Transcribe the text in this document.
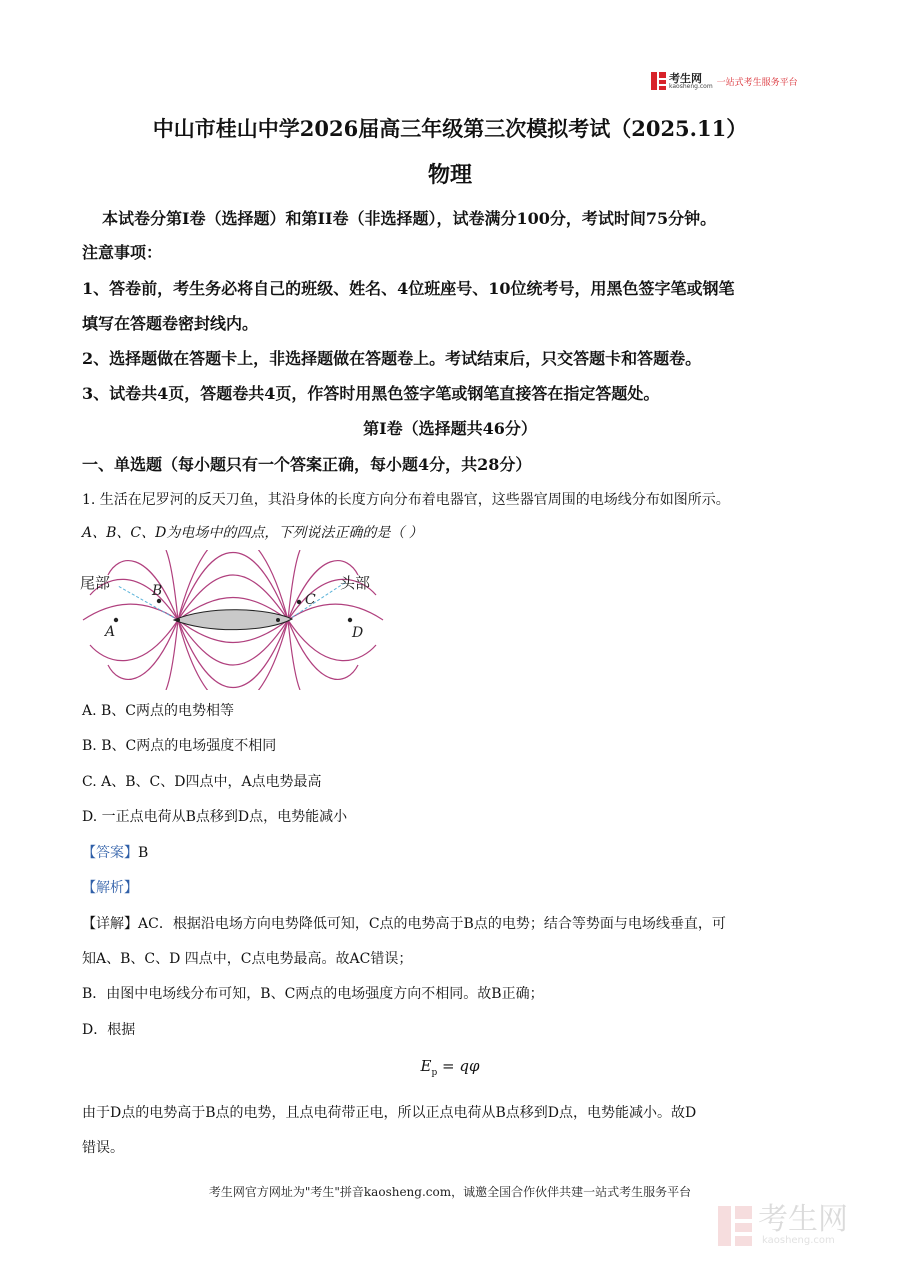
考生网
kaosheng.com 一站式考生服务平台
中山市桂山中学2026届高三年级第三次模拟考试（2025.11）
物理
本试卷分第I卷（选择题）和第II卷（非选择题），试卷满分100分，考试时间75分钟。
注意事项：
1、答卷前，考生务必将自己的班级、姓名、4位班座号、10位统考号，用黑色签字笔或钢笔
填写在答题卷密封线内。
2、选择题做在答题卡上，非选择题做在答题卷上。考试结束后，只交答题卡和答题卷。
3、试卷共4页，答题卷共4页，作答时用黑色签字笔或钢笔直接答在指定答题处。
第I卷（选择题共46分）
一、单选题（每小题只有一个答案正确，每小题4分，共28分）
1. 生活在尼罗河的反天刀鱼，其沿身体的长度方向分布着电器官，这些器官周围的电场线分布如图所示。
A、B、C、D为电场中的四点，下列说法正确的是（ ）
尾部	头部
A
B
C
D
A. B、C两点的电势相等
B. B、C两点的电场强度不相同
C. A、B、C、D四点中，A点电势最高
D. 一正点电荷从B点移到D点，电势能减小
【答案】B
【解析】
【详解】AC．根据沿电场方向电势降低可知，C点的电势高于B点的电势；结合等势面与电场线垂直，可
知A、B、C、D 四点中，C点电势最高。故AC错误；
B．由图中电场线分布可知，B、C两点的电场强度方向不相同。故B正确；
D．根据
$E_p = q\varphi$
由于D点的电势高于B点的电势，且点电荷带正电，所以正点电荷从B点移到D点，电势能减小。故D
错误。
考生网官方网址为"考生"拼音kaosheng.com，诚邀全国合作伙伴共建一站式考生服务平台
考生网
kaosheng.com
